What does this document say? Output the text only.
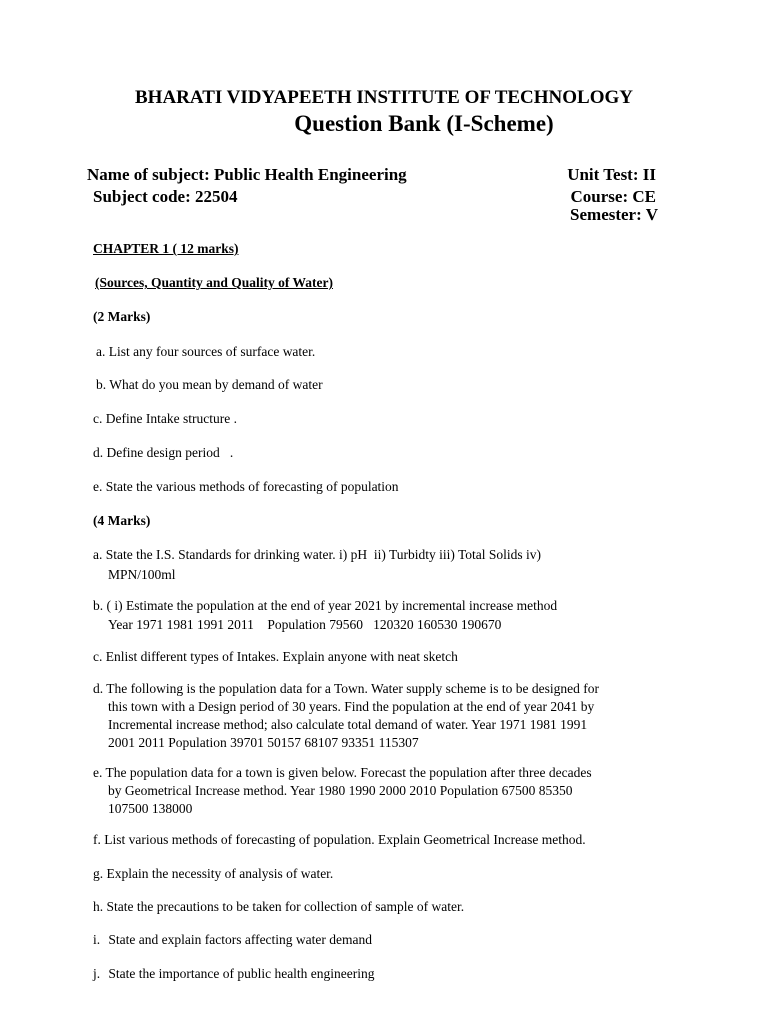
BHARATI VIDYAPEETH INSTITUTE OF TECHNOLOGY
Question Bank (I-Scheme)
Name of subject: Public Health Engineering
Subject code: 22504
Unit Test: II
Course: CE
Semester: V
CHAPTER 1 ( 12 marks)
(Sources, Quantity and Quality of Water)
(2 Marks)
a. List any four sources of surface water.
b. What do you mean by demand of water
c. Define Intake structure .
d. Define design period   .
e. State the various methods of forecasting of population
(4 Marks)
a. State the I.S. Standards for drinking water. i) pH  ii) Turbidty iii) Total Solids iv)
MPN/100ml
b. ( i) Estimate the population at the end of year 2021 by incremental increase method
Year 1971 1981 1991 2011    Population 79560   120320 160530 190670
c. Enlist different types of Intakes. Explain anyone with neat sketch
d. The following is the population data for a Town. Water supply scheme is to be designed for
this town with a Design period of 30 years. Find the population at the end of year 2041 by
Incremental increase method; also calculate total demand of water. Year 1971 1981 1991
2001 2011 Population 39701 50157 68107 93351 115307
e. The population data for a town is given below. Forecast the population after three decades
by Geometrical Increase method. Year 1980 1990 2000 2010 Population 67500 85350
107500 138000
f. List various methods of forecasting of population. Explain Geometrical Increase method.
g. Explain the necessity of analysis of water.
h. State the precautions to be taken for collection of sample of water.
i. State and explain factors affecting water demand
j. State the importance of public health engineering
